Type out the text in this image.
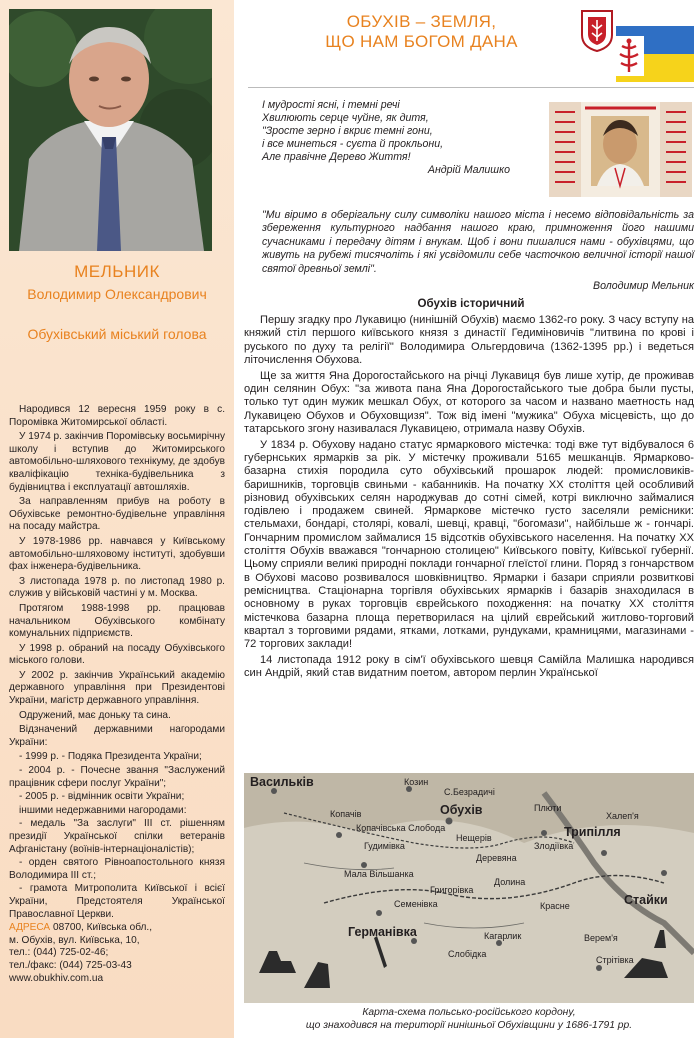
МЕЛЬНИК

Володимир Олександрович

Обухівський міський голова

Народився 12 вересня 1959 року в с. Поромівка Житомирської області.

У 1974 р. закінчив Поромівську восьмирічну школу і вступив до Житомирського автомобільно-шляхового технікуму, де здобув кваліфікацію техніка-будівельника з будівництва і експлуатації автошляхів.

За направленням прибув на роботу в Обухівське ремонтно-будівельне управління на посаду майстра.

У 1978-1986 рр. навчався у Київському автомобільно-шляховому інституті, здобувши фах інженера-будівельника.

З листопада 1978 р. по листопад 1980 р. служив у військовій частині у м. Москва.

Протягом 1988-1998 рр. працював начальником Обухівського комбінату комунальних підприємств.

У 1998 р. обраний на посаду Обухівського міського голови.

У 2002 р. закінчив Український академію державного управління при Президентові України, магістр державного управління.

Одружений, має доньку та сина.

Відзначений державними нагородами України:

- 1999 р. - Подяка Президента України;
- 2004 р. - Почесне звання "Заслужений працівник сфери послуг України";
- 2005 р. - відмінник освіти України;
іншими недержавними нагородами:
- медаль "За заслуги" III ст. рішенням президії Української спілки ветеранів Афганістану (воїнів-інтернаціоналістів);
- орден святого Рівноапостольного князя Володимира III ст.;
- грамота Митрополита Київської і всієї України, Предстоятеля Української Православної Церкви.
АДРЕСА 08700, Київська обл.,
м. Обухів, вул. Київська, 10,
тел.: (044) 725-02-46;
тел./факс: (044) 725-03-43
www.obukhiv.com.ua
ОБУХІВ – ЗЕМЛЯ,
ЩО НАМ БОГОМ ДАНА
І мудрості ясні, і темні речі
Хвилюють серце чуйне, як дитя,
"Зросте зерно і вкриє темні гони,
і все минеться - суєта й прокльони,
Але правічне Дерево Життя!
Андрій Малишко
"Ми віримо в оберігальну силу символіки нашого міста і несемо відповідальність за збереження культурного надбання нашого краю, примноження його нашими сучасниками і передачу дітям і внукам. Щоб і вони пишалися нами - обухівцями, що живуть на рубежі тисячоліть і які усвідомили себе часточкою величної історії нашої святої древньої землі".
Володимир Мельник
Обухів історичний

Першу згадку про Лукавицю (нинішній Обухів) маємо 1362-го року. З часу вступу на княжий стіл першого київського князя з династії Гедиміновичів "литвина по крові і руського по духу та релігії" Володимира Ольгердовича (1362-1395 рр.) і ведеться літочислення Обухова.

Ще за життя Яна Дорогостайського на річці Лукавиця був лише хутір, де проживав один селянин Обух: "за живота пана Яна Дорогостайського тые добра были пусты, только тут один мужик мешкал Обух, от которого за часом и названо маетность над Лукавицею Обухов и Обуховщизя". Тож від імені "мужика" Обуха місцевість, що до татарського згону називалася Лукавицею, отримала назву Обухів.

У 1834 р. Обухову надано статус ярмаркового містечка: тоді вже тут відбувалося 6 губернських ярмарків за рік. У містечку проживали 5165 мешканців. Ярмарково-базарна стихія породила суто обухівський прошарок людей: промисловиків-баришників, торговців свиньми - кабанників. На початку XX століття цей особливий різновид обухівських селян народжував до сотні сімей, котрі виключно займалися годівлею і продажем свиней. Ярмаркове містечко густо заселяли ремісники: стельмахи, бондарі, столярі, ковалі, шевці, кравці, "богомази", найбільше ж - гончарі. Гончарним промислом займалися 15 відсотків обухівського населення. На початку XX століття Обухів вважався "гончарною столицею" Київського повіту, Київської губернії. Цьому сприяли великі природні поклади гончарної глеїстої глини. Поряд з гончарством в Обухові масово розвивалося шовківництво. Ярмарки і базари сприяли розвиткові ремісництва. Стаціонарна торгівля обухівських ярмарків і базарів знаходилася в основному в руках торговців єврейського походження: на початку XX століття містечкова базарна площа перетворилася на цілий єврейський житлово-торговий квартал з торговими рядами, ятками, лотками, рундуками, крамницями, магазинами - 72 торгових заклади!

14 листопада 1912 року в сім'ї обухівського шевця Самійла Малишка народився син Андрій, який став видатним поетом, автором перлин Української

Васильків	Козин
С.Безрадичі
Обухів	Плюти
Копачів
Копачівська Слобода
Нещерів
Гудимівка
Трипілля
Халеп'я
Мала Вільшанка
Деревяна
Злодіївка
Долина
Германівка
Стайки
Григорівка
Семенівка
Кагарлик	Верем'я
Красне
Слобідка
Стрітівка
Карта-схема польсько-російського кордону,
що знаходився на території нинішньої Обухівщини у 1686-1791 рр.
